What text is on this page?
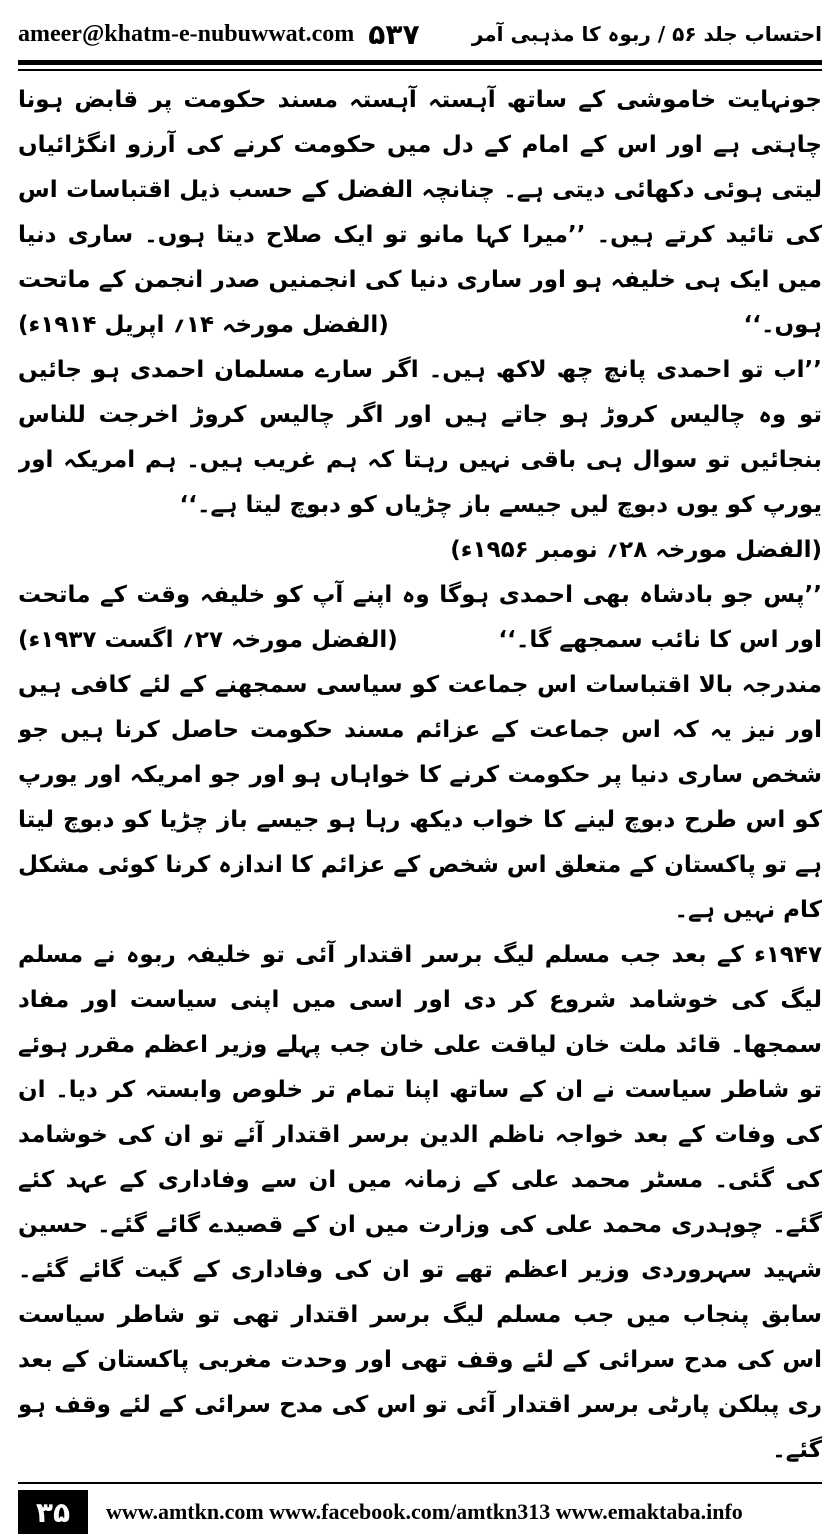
ameer@khatm-e-nubuwwat.com ۵۳۷	احتساب جلد ۵۶ / ربوہ کا مذہبی آمر

جونہایت خاموشی کے ساتھ آہستہ آہستہ مسند حکومت پر قابض ہونا چاہتی ہے اور اس کے امام کے دل میں حکومت کرنے کی آرزو انگڑائیاں لیتی ہوئی دکھائی دیتی ہے۔ چنانچہ الفضل کے حسب ذیل اقتباسات اس کی تائید کرتے ہیں۔ ’’میرا کہا مانو تو ایک صلاح دیتا ہوں۔ ساری دنیا میں ایک ہی خلیفہ ہو اور ساری دنیا کی انجمنیں صدر انجمن کے ماتحت ہوں۔‘‘
(الفضل مورخہ ۱۴؍ اپریل ۱۹۱۴ء)

’’اب تو احمدی پانچ چھ لاکھ ہیں۔ اگر سارے مسلمان احمدی ہو جائیں تو وہ چالیس کروڑ ہو جاتے ہیں اور اگر چالیس کروڑ اخرجت للناس بنجائیں تو سوال ہی باقی نہیں رہتا کہ ہم غریب ہیں۔ ہم امریکہ اور یورپ کو یوں دبوچ لیں جیسے باز چڑیاں کو دبوچ لیتا ہے۔‘‘

(الفضل مورخہ ۲۸؍ نومبر ۱۹۵۶ء)

’’پس جو بادشاہ بھی احمدی ہوگا وہ اپنے آپ کو خلیفہ وقت کے ماتحت اور اس کا نائب سمجھے گا۔‘‘
(الفضل مورخہ ۲۷؍ اگست ۱۹۳۷ء)

مندرجہ بالا اقتباسات اس جماعت کو سیاسی سمجھنے کے لئے کافی ہیں اور نیز یہ کہ اس جماعت کے عزائم مسند حکومت حاصل کرنا ہیں جو شخص ساری دنیا پر حکومت کرنے کا خواہاں ہو اور جو امریکہ اور یورپ کو اس طرح دبوچ لینے کا خواب دیکھ رہا ہو جیسے باز چڑیا کو دبوچ لیتا ہے تو پاکستان کے متعلق اس شخص کے عزائم کا اندازہ کرنا کوئی مشکل کام نہیں ہے۔

۱۹۴۷ء کے بعد جب مسلم لیگ برسر اقتدار آئی تو خلیفہ ربوہ نے مسلم لیگ کی خوشامد شروع کر دی اور اسی میں اپنی سیاست اور مفاد سمجھا۔ قائد ملت خان لیاقت علی خان جب پہلے وزیر اعظم مقرر ہوئے تو شاطر سیاست نے ان کے ساتھ اپنا تمام تر خلوص وابستہ کر دیا۔ ان کی وفات کے بعد خواجہ ناظم الدین برسر اقتدار آئے تو ان کی خوشامد کی گئی۔ مسٹر محمد علی کے زمانہ میں ان سے وفاداری کے عہد کئے گئے۔ چوہدری محمد علی کی وزارت میں ان کے قصیدے گائے گئے۔ حسین شہید سہروردی وزیر اعظم تھے تو ان کی وفاداری کے گیت گائے گئے۔ سابق پنجاب میں جب مسلم لیگ برسر اقتدار تھی تو شاطر سیاست اس کی مدح سرائی کے لئے وقف تھی اور وحدت مغربی پاکستان کے بعد ری پبلکن پارٹی برسر اقتدار آئی تو اس کی مدح سرائی کے لئے وقف ہو گئے۔

۳۵	www.amtkn.com www.facebook.com/amtkn313 www.emaktaba.info
